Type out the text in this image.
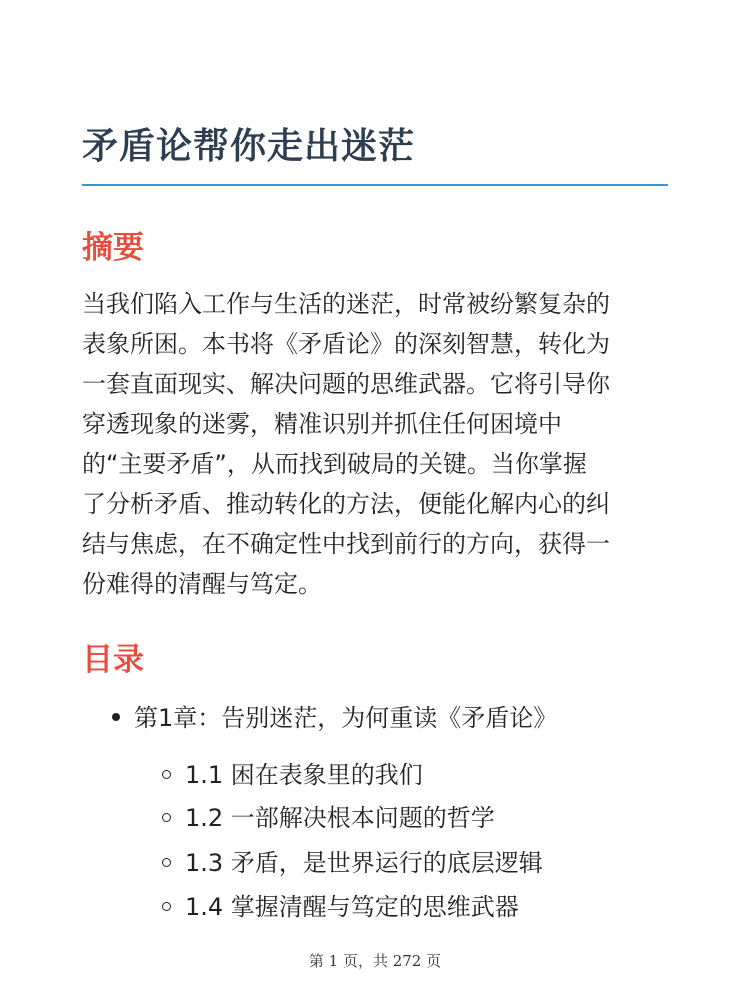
矛盾论帮你走出迷茫
摘要
当我们陷入工作与生活的迷茫，时常被纷繁复杂的
表象所困。本书将《矛盾论》的深刻智慧，转化为
一套直面现实、解决问题的思维武器。它将引导你
穿透现象的迷雾，精准识别并抓住任何困境中
的“主要矛盾”，从而找到破局的关键。当你掌握
了分析矛盾、推动转化的方法，便能化解内心的纠
结与焦虑，在不确定性中找到前行的方向，获得一
份难得的清醒与笃定。
目录
第1章：告别迷茫，为何重读《矛盾论》
1.1 困在表象里的我们
1.2 一部解决根本问题的哲学
1.3 矛盾，是世界运行的底层逻辑
1.4 掌握清醒与笃定的思维武器
第 1 页，共 272 页
